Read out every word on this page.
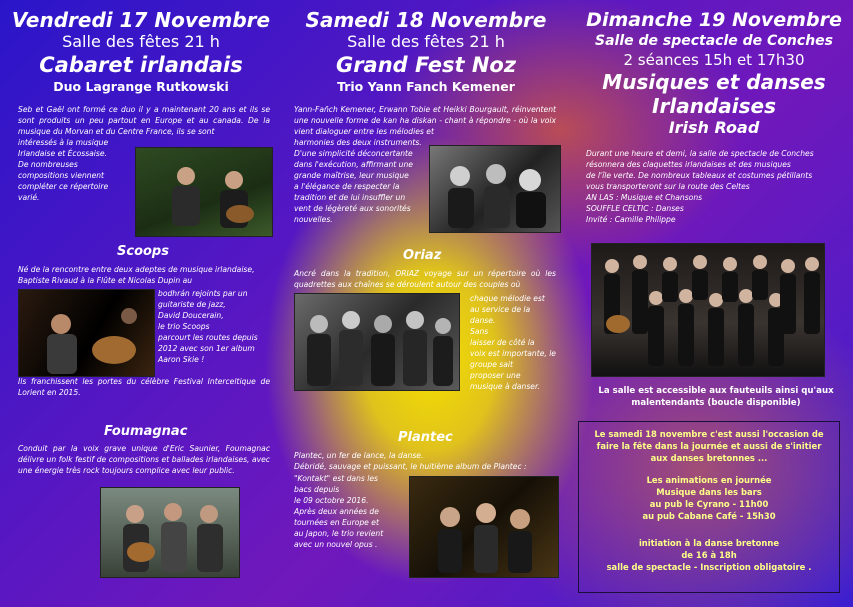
Vendredi 17 Novembre
Salle des fêtes 21 h
Cabaret irlandais
Duo Lagrange Rutkowski
Seb et Gaël ont formé ce duo il y a maintenant 20 ans et ils se sont produits un peu partout en Europe et au canada. De la musique du Morvan et du Centre France, ils se sont
intéressés à la musique
Irlandaise et Écossaise.
De nombreuses
compositions viennent
compléter ce répertoire
varié.
Scoops
Né de la rencontre entre deux adeptes de musique irlandaise, Baptiste Rivaud à la Flûte et Nicolas Dupin au
bodhrán rejoints par un
guitariste de jazz,
David Doucerain,
le trio Scoops
parcourt les routes depuis
2012 avec son 1er album
Aaron Skie !
Ils franchissent les portes du célèbre Festival Interceltique de Lorient en 2015.
Foumagnac
Conduit par la voix grave unique d'Eric Saunier, Foumagnac délivre un folk festif de compositions et ballades irlandaises, avec une énergie très rock toujours complice avec leur public.
Samedi 18 Novembre
Salle des fêtes 21 h
Grand Fest Noz
Trio Yann Fanch Kemener
Yann-Fañch Kemener, Erwann Tobie et Heikki Bourgault, réinventent une nouvelle forme de kan ha diskan - chant à répondre - où la voix vient dialoguer entre les mélodies et
harmonies des deux instruments.
D'une simplicité déconcertante
dans l'exécution, affirmant une
grande maîtrise, leur musique
a l'élégance de respecter la
tradition et de lui insuffler un
vent de légèreté aux sonorités
nouvelles.
Oriaz
Ancré dans la tradition, ORIAZ voyage sur un répertoire où les quadrettes aux chaînes se déroulent autour des couples où
chaque mélodie est
au service de la
danse.
Sans
laisser de côté la
voix est importante, le
groupe sait
proposer une
musique à danser.
Plantec
Plantec, un fer de lance, la danse.
Débridé, sauvage et puissant, le huitième album de Plantec :
"Kontakt" est dans les
bacs depuis
le 09 octobre 2016.
Après deux années de
tournées en Europe et
au Japon, le trio revient
avec un nouvel opus .
Dimanche 19 Novembre
Salle de spectacle de Conches
2 séances 15h et 17h30
Musiques et danses
Irlandaises
Irish Road
Durant une heure et demi, la salle de spectacle de Conches
résonnera des claquettes irlandaises et des musiques
de l'île verte. De nombreux tableaux et costumes pétillants
vous transporteront sur la route des Celtes
AN LAS : Musique et Chansons
SOUFFLE CELTIC : Danses
Invité : Camille Philippe
La salle est accessible aux fauteuils ainsi qu'aux
malentendants (boucle disponible)
Le samedi 18 novembre c'est aussi l'occasion de
faire la fête dans la journée et aussi de s'initier
aux danses bretonnes ...
Les animations en journée
Musique dans les bars
au pub le Cyrano - 11h00
au pub Cabane Café - 15h30
initiation à la danse bretonne
de 16 à 18h
salle de spectacle - Inscription obligatoire .
